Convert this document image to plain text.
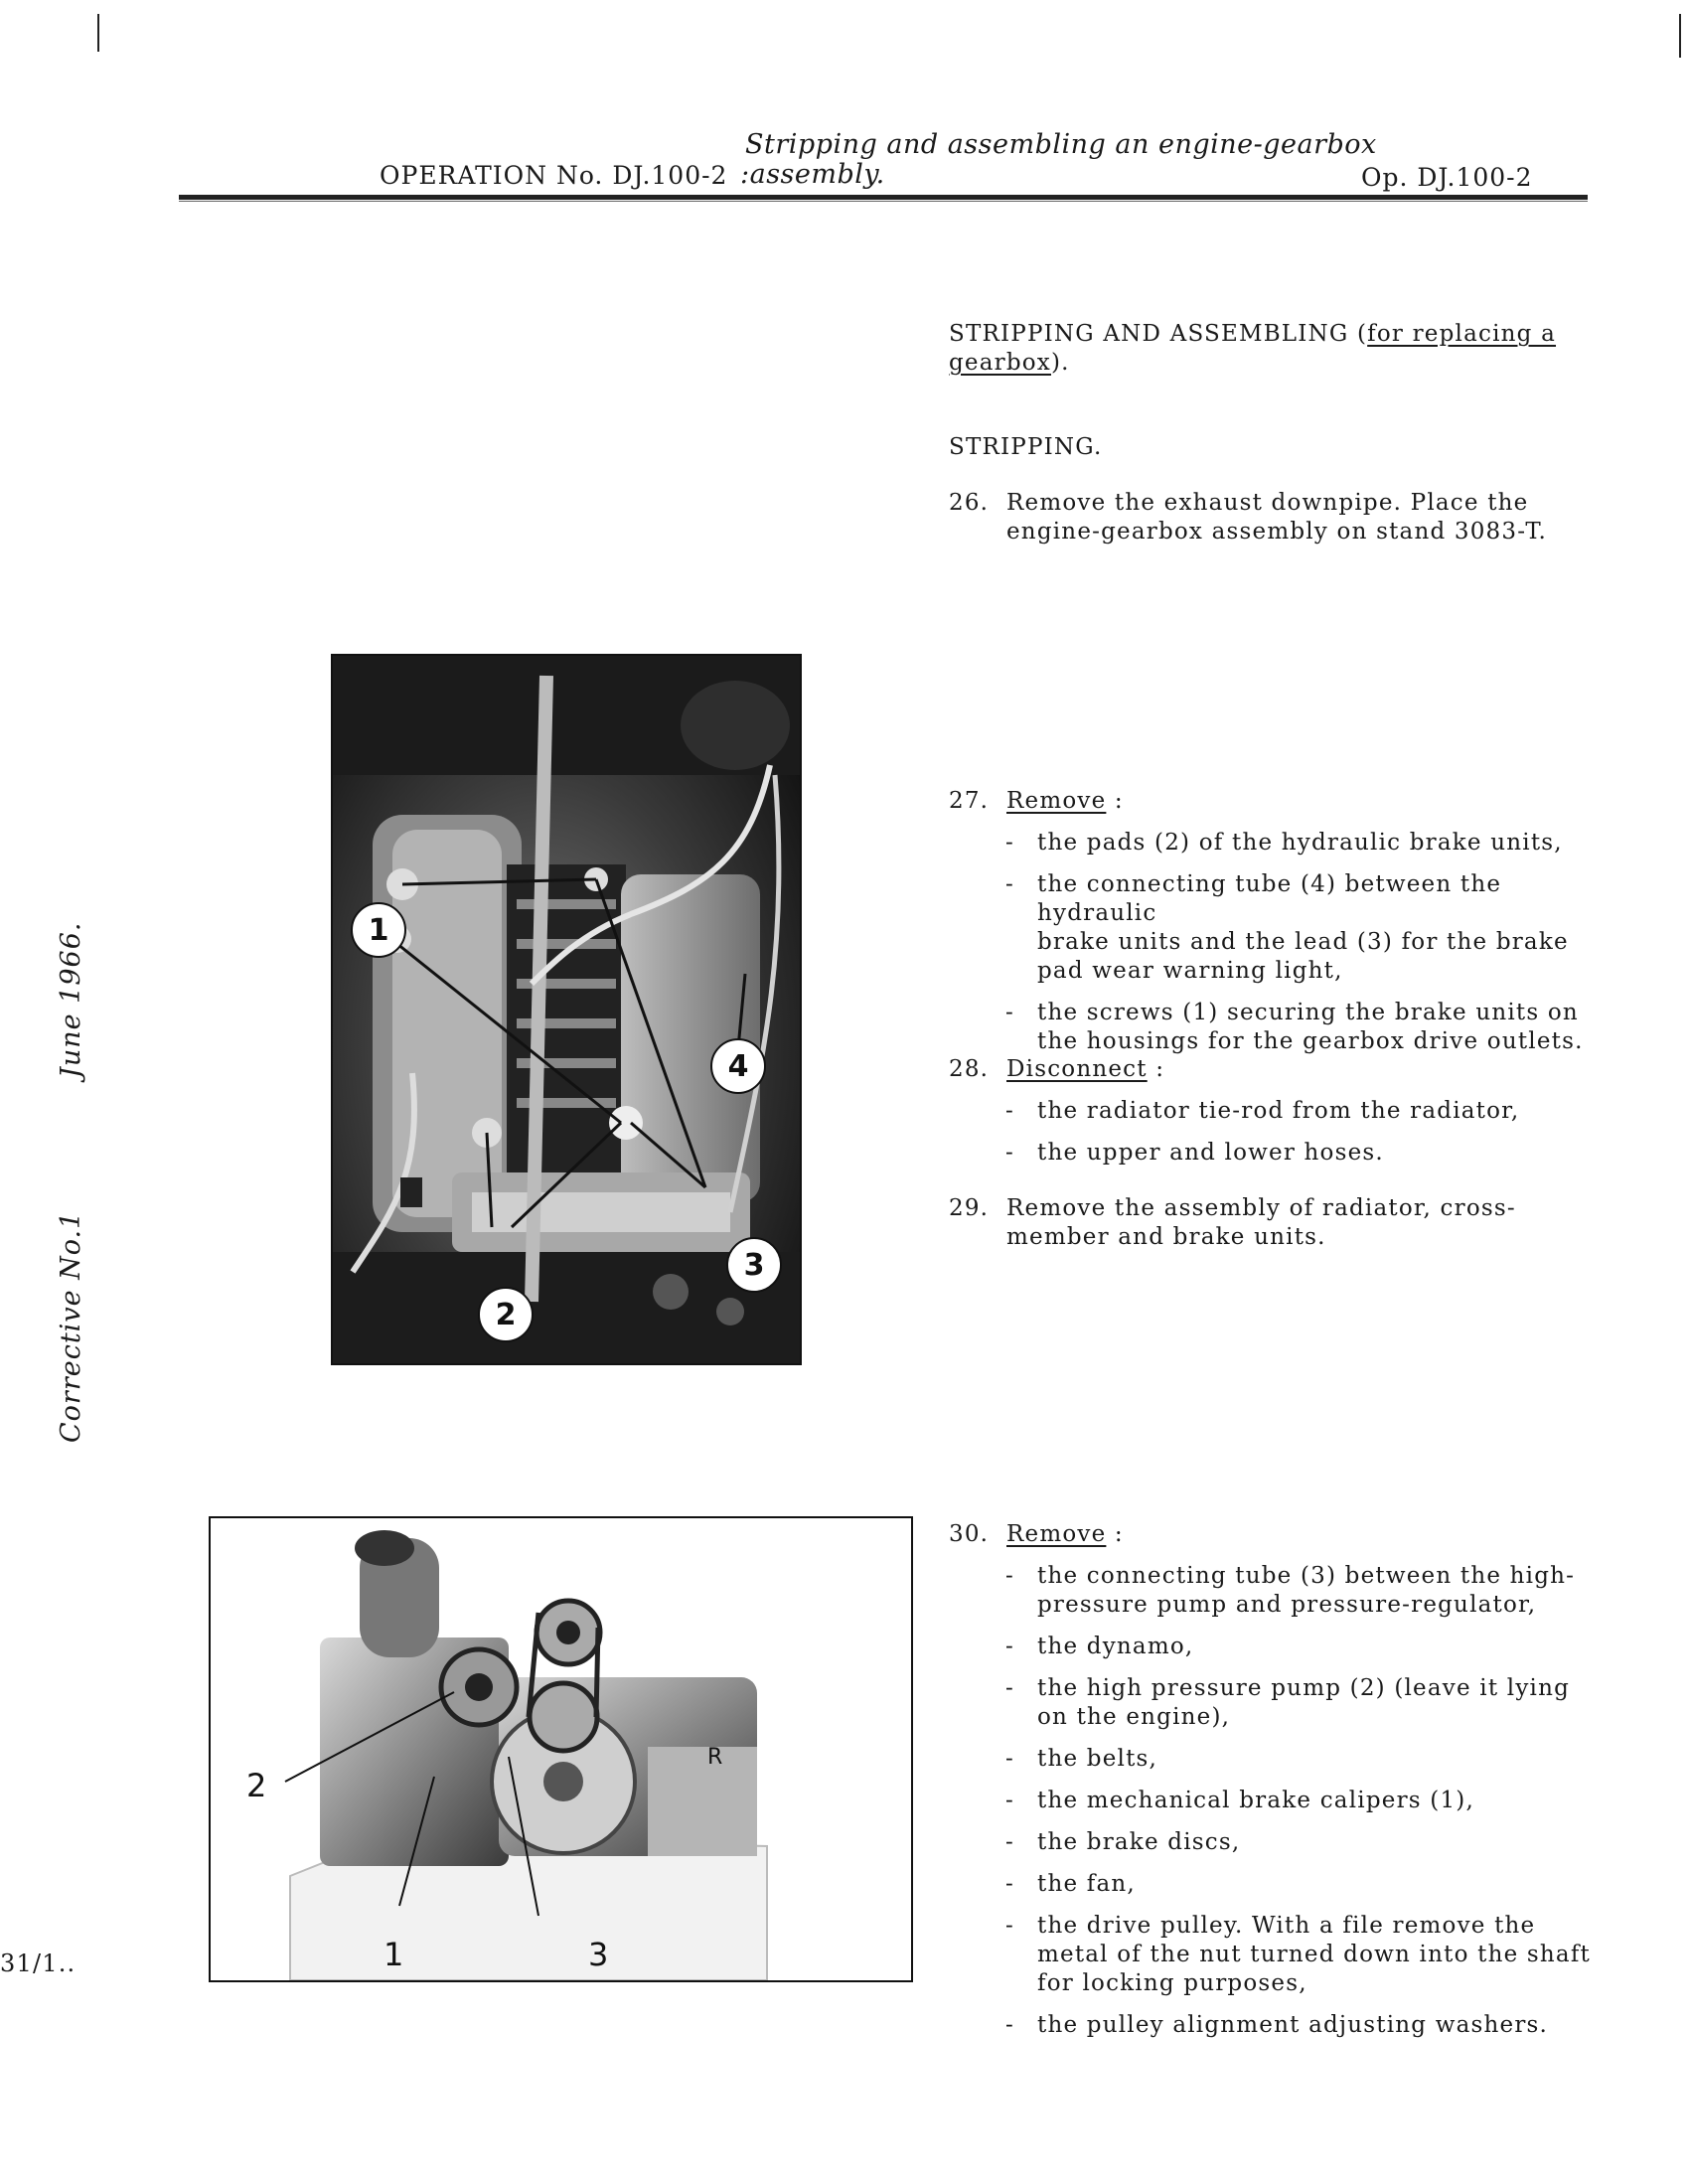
Stripping and assembling an engine-gearbox
OPERATION No. DJ.100-2 :assembly.	Op. DJ.100-2
June 1966.
Corrective No.1
31/1..
STRIPPING AND ASSEMBLING (for replacing a
gearbox).
STRIPPING.
26. Remove the exhaust downpipe. Place the
engine-gearbox assembly on stand 3083-T.
27. Remove :
- the pads (2) of the hydraulic brake units,
- the connecting tube (4) between the hydraulic
brake units and the lead (3) for the brake
pad wear warning light,
- the screws (1) securing the brake units on
the housings for the gearbox drive outlets.
28. Disconnect :
- the radiator tie-rod from the radiator,
- the upper and lower hoses.
29. Remove the assembly of radiator, cross-
member and brake units.
30. Remove :
- the connecting tube (3) between the high-
pressure pump and pressure-regulator,
- the dynamo,
- the high pressure pump (2) (leave it lying
on the engine),
- the belts,
- the mechanical brake calipers (1),
- the brake discs,
- the fan,
- the drive pulley. With a file remove the
metal of the nut turned down into the shaft
for locking purposes,
- the pulley alignment adjusting washers.
1
4
3
2
2
1	3
R
